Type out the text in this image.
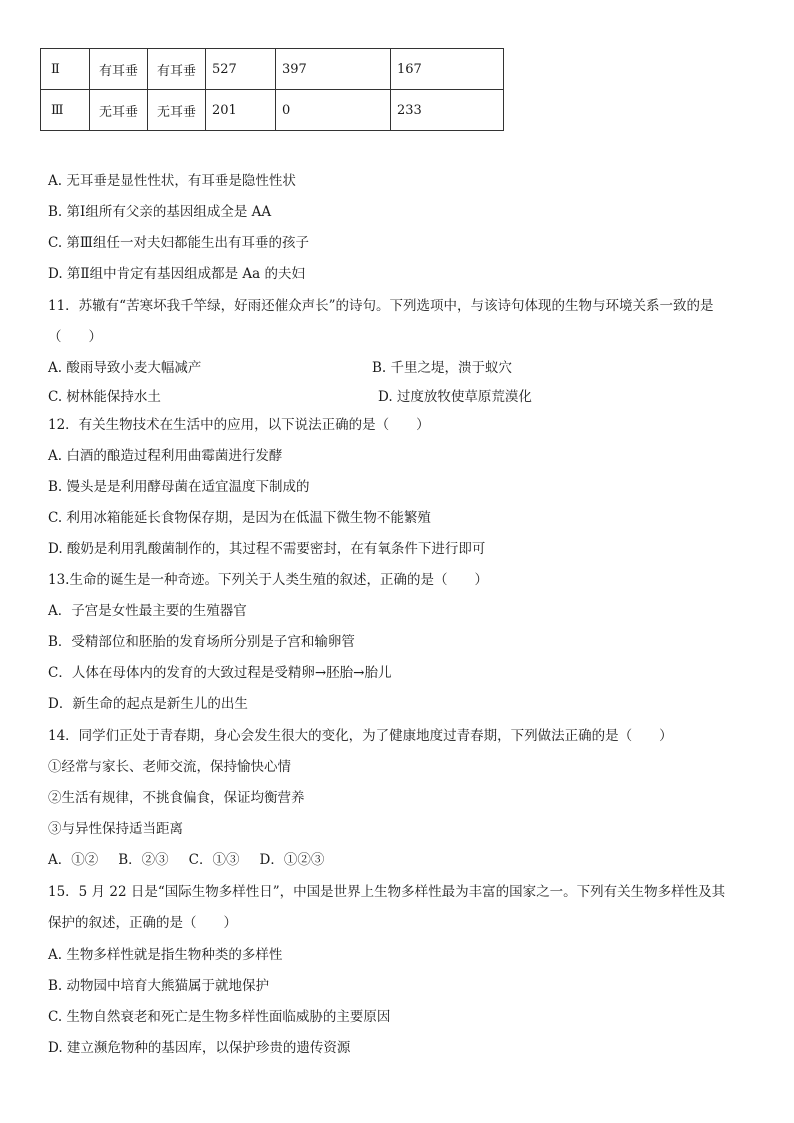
Ⅱ	有耳垂	有耳垂	527	397	167
Ⅲ	无耳垂	无耳垂	201	0	233
A. 无耳垂是显性性状，有耳垂是隐性性状
B. 第Ⅰ组所有父亲的基因组成全是 AA
C. 第Ⅲ组任一对夫妇都能生出有耳垂的孩子
D. 第Ⅱ组中肯定有基因组成都是 Aa 的夫妇
11．苏辙有“苦寒坏我千竿绿，好雨还催众声长”的诗句。下列选项中，与该诗句体现的生物与环境关系一致的是
（　　）
A. 酸雨导致小麦大幅减产	B. 千里之堤，溃于蚁穴
C. 树林能保持水土	D. 过度放牧使草原荒漠化
12．有关生物技术在生活中的应用，以下说法正确的是（　　）
A. 白酒的酿造过程利用曲霉菌进行发酵
B. 馒头是是利用酵母菌在适宜温度下制成的
C. 利用冰箱能延长食物保存期，是因为在低温下微生物不能繁殖
D. 酸奶是利用乳酸菌制作的，其过程不需要密封，在有氧条件下进行即可
13.生命的诞生是一种奇迹。下列关于人类生殖的叙述，正确的是（　　）
A．子宫是女性最主要的生殖器官
B．受精部位和胚胎的发育场所分别是子宫和输卵管
C．人体在母体内的发育的大致过程是受精卵→胚胎→胎儿
D．新生命的起点是新生儿的出生
14．同学们正处于青春期，身心会发生很大的变化，为了健康地度过青春期，下列做法正确的是（　　）
①经常与家长、老师交流，保持愉快心情
②生活有规律，不挑食偏食，保证均衡营养
③与异性保持适当距离
A．①② B．②③ C．①③ D．①②③
15．5 月 22 日是“国际生物多样性日”，中国是世界上生物多样性最为丰富的国家之一。下列有关生物多样性及其
保护的叙述，正确的是（　　）
A. 生物多样性就是指生物种类的多样性
B. 动物园中培育大熊猫属于就地保护
C. 生物自然衰老和死亡是生物多样性面临威胁的主要原因
D. 建立濒危物种的基因库，以保护珍贵的遗传资源
